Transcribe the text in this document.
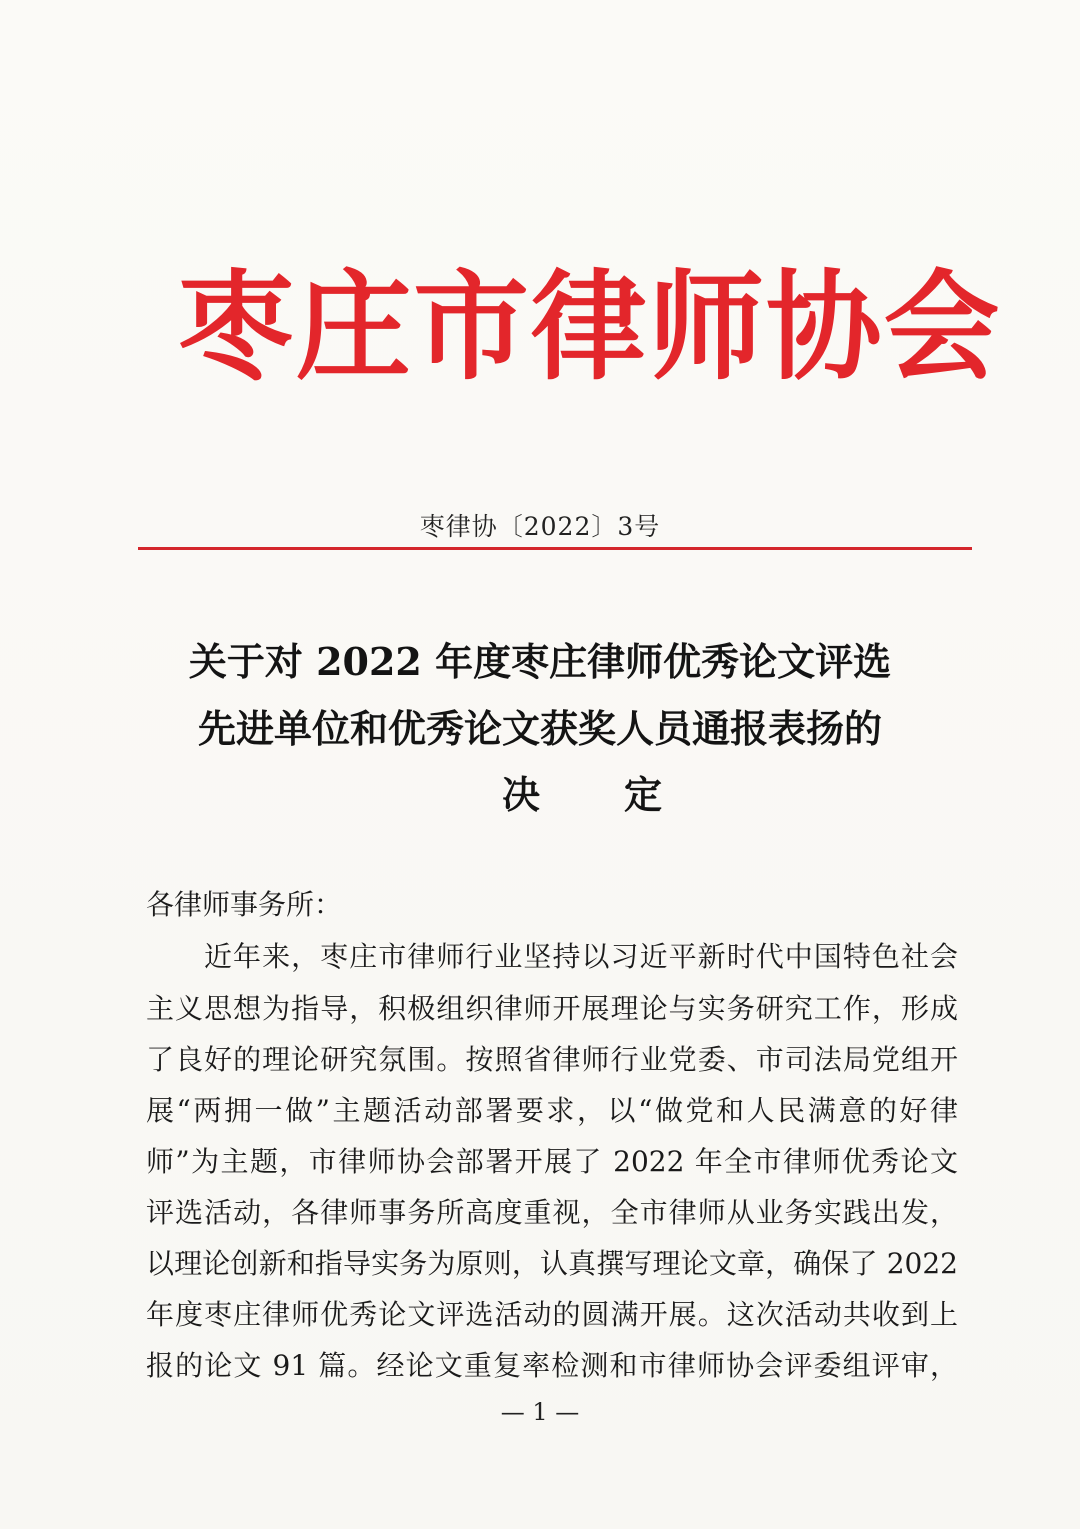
枣庄市律师协会
枣律协〔2022〕3号
关于对 2022 年度枣庄律师优秀论文评选
先进单位和优秀论文获奖人员通报表扬的
决定
各律师事务所：
近年来，枣庄市律师行业坚持以习近平新时代中国特色社会
主义思想为指导，积极组织律师开展理论与实务研究工作，形成
了良好的理论研究氛围。按照省律师行业党委、市司法局党组开
展“两拥一做”主题活动部署要求，以“做党和人民满意的好律
师”为主题，市律师协会部署开展了 2022 年全市律师优秀论文
评选活动，各律师事务所高度重视，全市律师从业务实践出发，
以理论创新和指导实务为原则，认真撰写理论文章，确保了 2022
年度枣庄律师优秀论文评选活动的圆满开展。这次活动共收到上
报的论文 91 篇。经论文重复率检测和市律师协会评委组评审，
— 1 —
